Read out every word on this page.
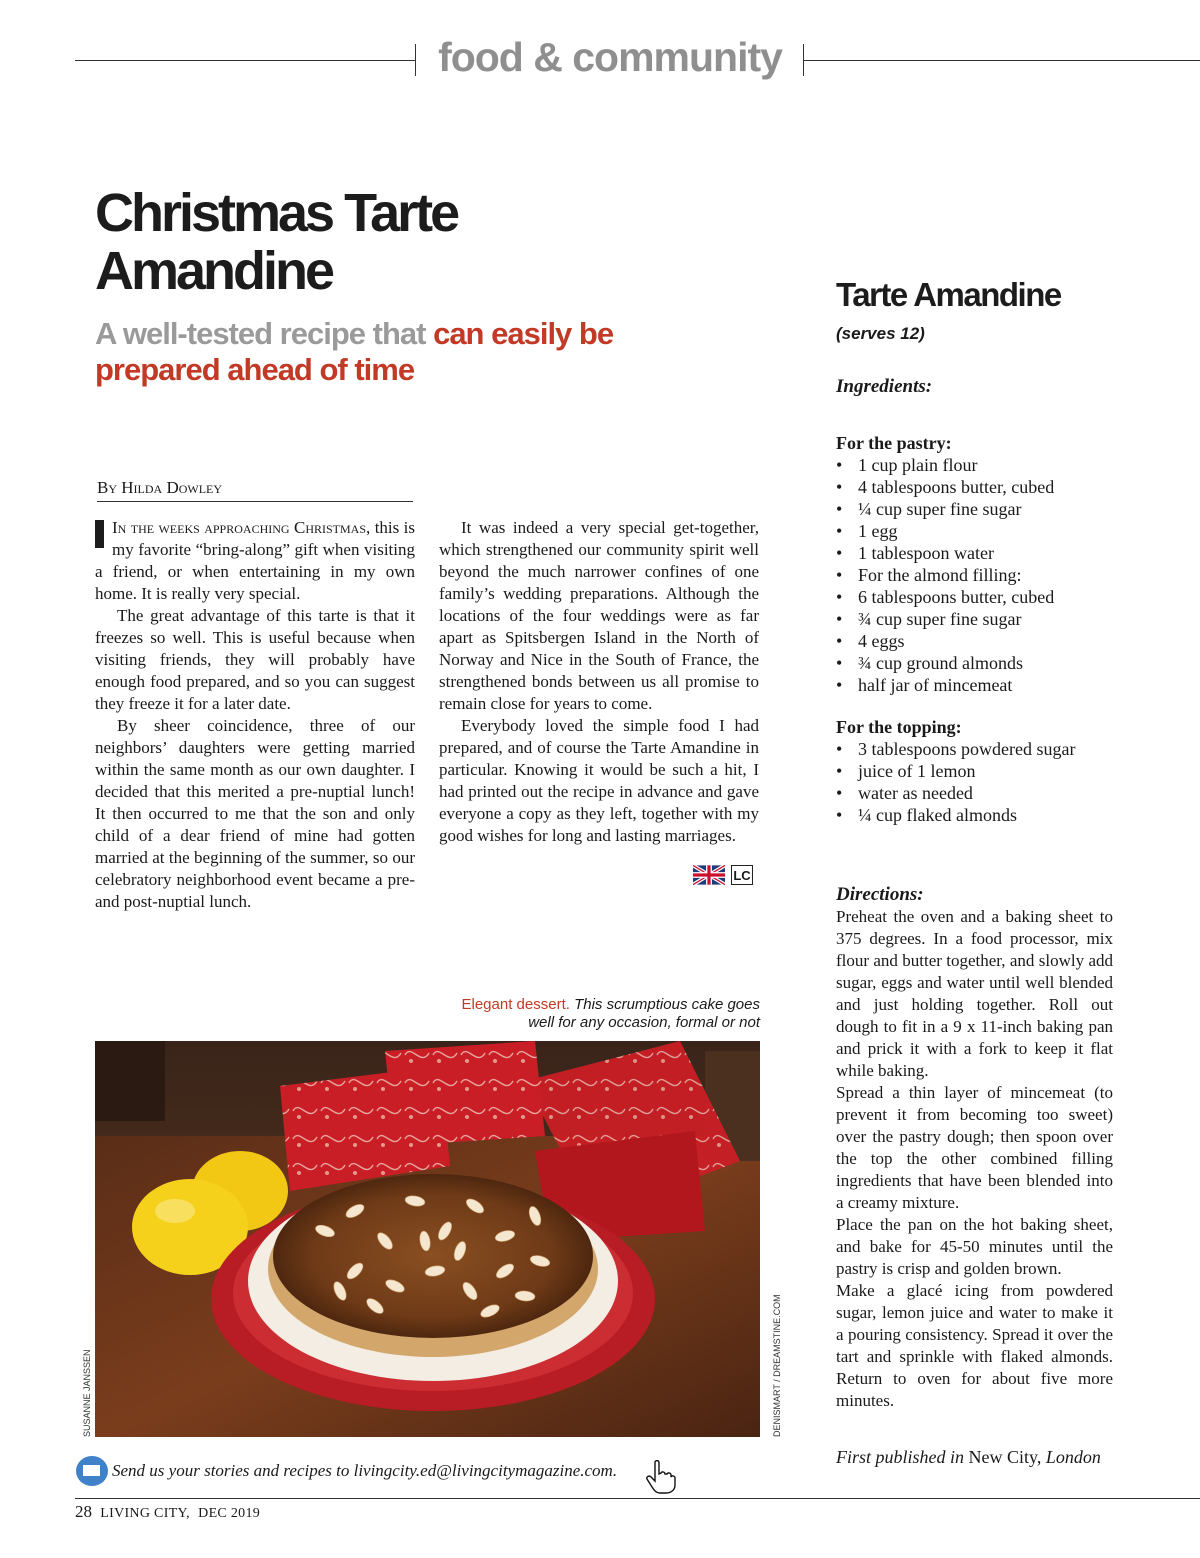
food & community
Christmas Tarte
Amandine
A well-tested recipe that can easily be prepared ahead of time
By Hilda Dowley

In the weeks approaching Christmas, this is my favorite “bring-along” gift when visiting a friend, or when entertaining in my own home. It is really very special.

The great advantage of this tarte is that it freezes so well. This is useful because when visiting friends, they will probably have enough food prepared, and so you can suggest they freeze it for a later date.

By sheer coincidence, three of our neighbors’ daughters were getting married within the same month as our own daughter. I decided that this merited a pre-nuptial lunch! It then occurred to me that the son and only child of a dear friend of mine had gotten married at the beginning of the summer, so our celebratory neighborhood event became a pre- and post-nuptial lunch.

It was indeed a very special get-together, which strengthened our community spirit well beyond the much narrower confines of one family’s wedding preparations. Although the locations of the four weddings were as far apart as Spitsbergen Island in the North of Norway and Nice in the South of France, the strengthened bonds between us all promise to remain close for years to come.

Everybody loved the simple food I had prepared, and of course the Tarte Amandine in particular. Knowing it would be such a hit, I had printed out the recipe in advance and gave everyone a copy as they left, together with my good wishes for long and lasting marriages.

LC
Elegant dessert. This scrumptious cake goes well for any occasion, formal or not
SUSANNE JANSSEN	DENISMART / DREAMSTINE.COM
Tarte Amandine
(serves 12)
Ingredients:
For the pastry:
• 1 cup plain flour
• 4 tablespoons butter, cubed
• ¼ cup super fine sugar
• 1 egg
• 1 tablespoon water
• For the almond filling:
• 6 tablespoons butter, cubed
• ¾ cup super fine sugar
• 4 eggs
• ¾ cup ground almonds
• half jar of mincemeat
For the topping:
• 3 tablespoons powdered sugar
• juice of 1 lemon
• water as needed
• ¼ cup flaked almonds
Directions:

Preheat the oven and a baking sheet to 375 degrees. In a food processor, mix flour and butter together, and slowly add sugar, eggs and water until well blended and just holding together. Roll out dough to fit in a 9 x 11-inch baking pan and prick it with a fork to keep it flat while baking.

Spread a thin layer of mincemeat (to prevent it from becoming too sweet) over the pastry dough; then spoon over the top the other combined filling ingredients that have been blended into a creamy mixture.

Place the pan on the hot baking sheet, and bake for 45-50 minutes until the pastry is crisp and golden brown.

Make a glacé icing from powdered sugar, lemon juice and water to make it a pouring consistency. Spread it over the tart and sprinkle with flaked almonds. Return to oven for about five more minutes.

First published in New City, London
Send us your stories and recipes to livingcity.ed@livingcitymagazine.com.
28 LIVING CITY, DEC 2019
